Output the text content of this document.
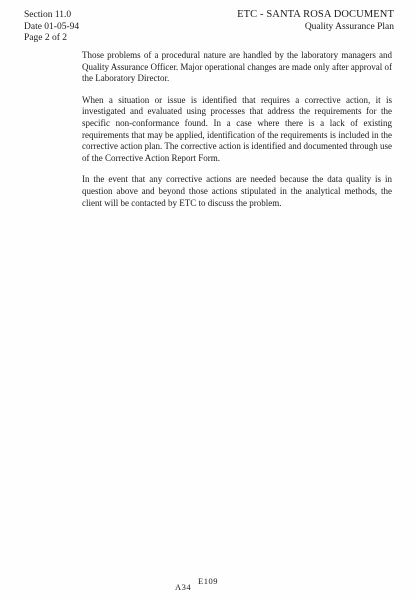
Section 11.0
Date 01-05-94
Page 2 of 2
ETC - SANTA ROSA DOCUMENT
Quality Assurance Plan

Those problems of a procedural nature are handled by the laboratory managers and Quality Assurance Officer. Major operational changes are made only after approval of the Laboratory Director.

When a situation or issue is identified that requires a corrective action, it is investigated and evaluated using processes that address the requirements for the specific non-conformance found. In a case where there is a lack of existing requirements that may be applied, identification of the requirements is included in the corrective action plan. The corrective action is identified and documented through use of the Corrective Action Report Form.

In the event that any corrective actions are needed because the data quality is in question above and beyond those actions stipulated in the analytical methods, the client will be contacted by ETC to discuss the problem.

E109
A34
